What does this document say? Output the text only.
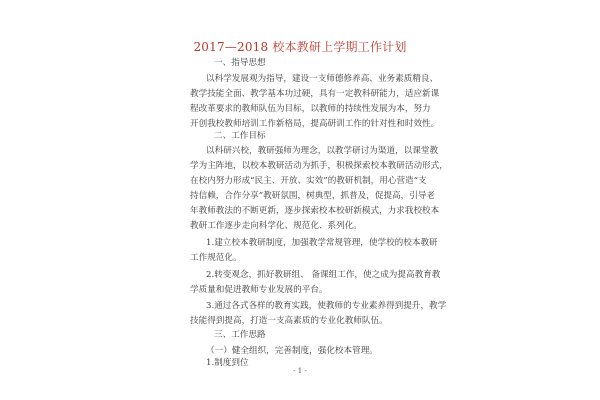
2017—2018 校本教研上学期工作计划
一、指导思想
以科学发展观为指导，建设一支师德修养高、业务素质精良、
教学技能全面、教学基本功过硬，具有一定教科研能力，适应新课
程改革要求的教师队伍为目标，以教师的持续性发展为本，努力
开创我校教师培训工作新格局，提高研训工作的针对性和时效性。
二、工作目标
以科研兴校，教研强师为理念，以教学研讨为渠道，以课堂教
学为主阵地，以校本教研活动为抓手，积极探索校本教研活动形式，
在校内努力形成“民主、开放、实效”的教研机制，用心营造“支
持信赖，合作分享”教研氛围，树典型，抓普及，促提高，引导老
年教师教法的不断更新，逐步探索校本校研新模式，力求我校校本
教研工作逐步走向科学化、规范化、系列化。
1.建立校本教研制度，加强教学常规管理，使学校的校本教研
工作规范化。
2.转变观念，抓好教研组、 备课组工作，使之成为提高教育教
学质量和促进教师专业发展的平台。
3.通过各式各样的教育实践，使教师的专业素养得到提升，教学
技能得到提高，打造一支高素质的专业化教师队伍。
三、工作思路
（一）健全组织，完善制度，强化校本管理。
1.制度到位
- 1 -
